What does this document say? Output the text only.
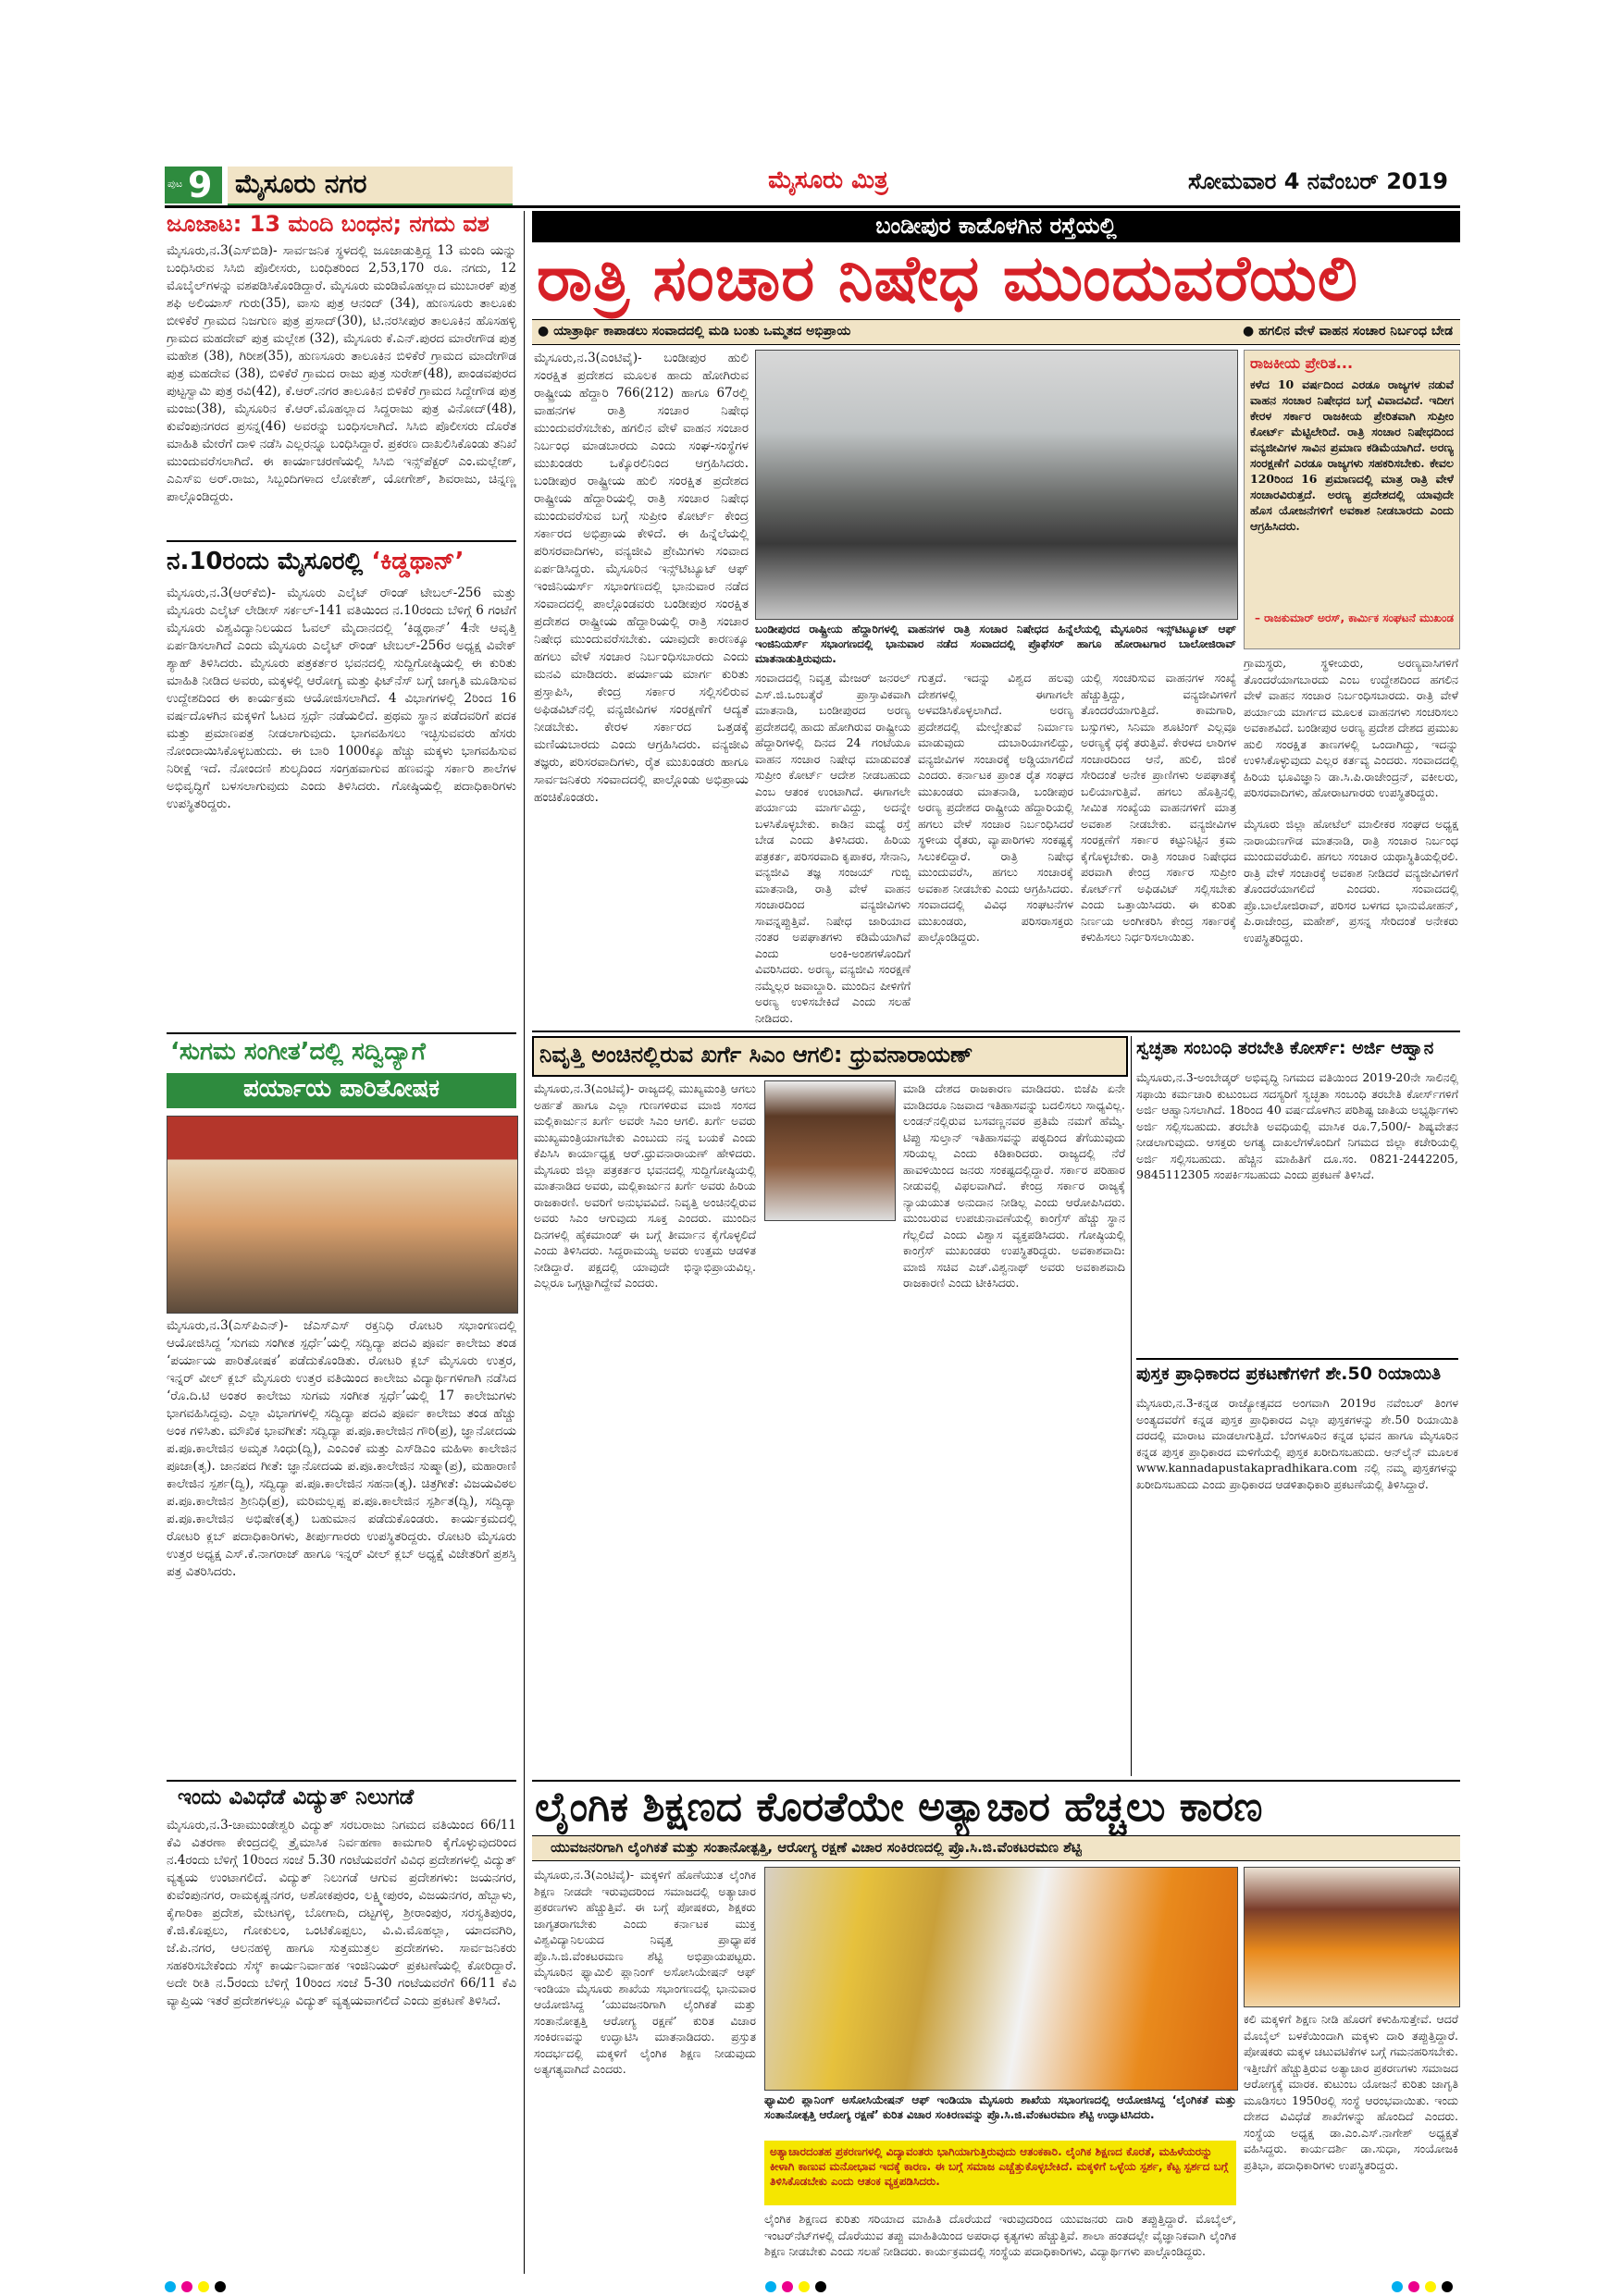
ಪುಟ 9 ಮೈಸೂರು ನಗರ	ಮೈಸೂರು ಮಿತ್ರ	ಸೋಮವಾರ 4 ನವೆಂಬರ್ 2019
ಜೂಜಾಟ: 13 ಮಂದಿ ಬಂಧನ; ನಗದು ವಶ
ಮೈಸೂರು,ನ.3(ಎಸ್‌ಬಿಡಿ)- ಸಾರ್ವಜನಿಕ ಸ್ಥಳದಲ್ಲಿ ಜೂಜಾಡುತ್ತಿದ್ದ 13 ಮಂದಿ ಯನ್ನು ಬಂಧಿಸಿರುವ ಸಿಸಿಬಿ ಪೊಲೀಸರು, ಬಂಧಿತರಿಂದ 2,53,170 ರೂ. ನಗದು, 12 ಮೊಬೈಲ್‌ಗಳನ್ನು ವಶಪಡಿಸಿಕೊಂಡಿದ್ದಾರೆ. ಮೈಸೂರು ಮಂಡಿಮೊಹಲ್ಲಾದ ಮುಬಾರಕ್ ಪುತ್ರ ಶಫಿ ಅಲಿಯಾಸ್ ಗುರು(35), ವಾಸು ಪುತ್ರ ಆನಂದ್ (34), ಹುಣಸೂರು ತಾಲೂಕು ಬೀಳಿಕೆರೆ ಗ್ರಾಮದ ನಿಜಗುಣ ಪುತ್ರ ಪ್ರಸಾದ್(30), ಟಿ.ನರಸೀಪುರ ತಾಲೂಕಿನ ಹೊಸಹಳ್ಳಿ ಗ್ರಾಮದ ಮಹದೇವ್ ಪುತ್ರ ಮಲ್ಲೇಶ (32), ಮೈಸೂರು ಕೆ.ಎನ್.ಪುರದ ಮಾರೇಗೌಡ ಪುತ್ರ ಮಹೇಶ (38), ಗಿರೀಶ(35), ಹುಣಸೂರು ತಾಲೂಕಿನ ಬಿಳಿಕೆರೆ ಗ್ರಾಮದ ಮಾದೇಗೌಡ ಪುತ್ರ ಮಹದೇವ (38), ಬಿಳಿಕೆರೆ ಗ್ರಾಮದ ರಾಜು ಪುತ್ರ ಸುರೇಶ್(48), ಪಾಂಡವಪುರದ ಪುಟ್ಟಸ್ವಾಮಿ ಪುತ್ರ ರವಿ(42), ಕೆ.ಆರ್.ನಗರ ತಾಲೂಕಿನ ಬಿಳಿಕೆರೆ ಗ್ರಾಮದ ಸಿದ್ದೇಗೌಡ ಪುತ್ರ ಮಂಜು(38), ಮೈಸೂರಿನ ಕೆ.ಆರ್.ಮೊಹಲ್ಲಾದ ಸಿದ್ದರಾಜು ಪುತ್ರ ವಿನೋದ್(48), ಕುವೆಂಪುನಗರದ ಪ್ರಸನ್ನ(46) ಅವರನ್ನು ಬಂಧಿಸಲಾಗಿದೆ. ಸಿಸಿಬಿ ಪೊಲೀಸರು ದೊರೆತ ಮಾಹಿತಿ ಮೇರೆಗೆ ದಾಳಿ ನಡೆಸಿ ಎಲ್ಲರನ್ನೂ ಬಂಧಿಸಿದ್ದಾರೆ. ಪ್ರಕರಣ ದಾಖಲಿಸಿಕೊಂಡು ತನಿಖೆ ಮುಂದುವರೆಸಲಾಗಿದೆ. ಈ ಕಾರ್ಯಾಚರಣೆಯಲ್ಲಿ ಸಿಸಿಬಿ ಇನ್ಸ್‌ಪೆಕ್ಟರ್ ಎಂ.ಮಲ್ಲೇಶ್, ಎಎಸ್ಐ ಅರ್.ರಾಜು, ಸಿಬ್ಬಂದಿಗಳಾದ ಲೋಕೇಶ್, ಯೋಗೇಶ್, ಶಿವರಾಜು, ಚಿನ್ನಣ್ಣ ಪಾಲ್ಗೊಂಡಿದ್ದರು.
ನ.10ರಂದು ಮೈಸೂರಲ್ಲಿ ‘ಕಿಡ್ಡಥಾನ್’
ಮೈಸೂರು,ನ.3(ಆರ್‌ಕೆಬಿ)- ಮೈಸೂರು ಎಲೈಟ್ ರೌಂಡ್ ಟೇಬಲ್-256 ಮತ್ತು ಮೈಸೂರು ಎಲೈಟ್ ಲೇಡೀಸ್ ಸರ್ಕಲ್-141 ವತಿಯಿಂದ ನ.10ರಂದು ಬೆಳಿಗ್ಗೆ 6 ಗಂಟೆಗೆ ಮೈಸೂರು ವಿಶ್ವವಿದ್ಯಾನಿಲಯದ ಓವಲ್ ಮೈದಾನದಲ್ಲಿ ‘ಕಿಡ್ಡಥಾನ್’ 4ನೇ ಆವೃತ್ತಿ ಏರ್ಪಡಿಸಲಾಗಿದೆ ಎಂದು ಮೈಸೂರು ಎಲೈಟ್ ರೌಂಡ್ ಟೇಬಲ್-256ರ ಅಧ್ಯಕ್ಷ ವಿವೇಕ್ ಶ್ಯಾಹ್ ತಿಳಿಸಿದರು. ಮೈಸೂರು ಪತ್ರಕರ್ತರ ಭವನದಲ್ಲಿ ಸುದ್ದಿಗೋಷ್ಠಿಯಲ್ಲಿ ಈ ಕುರಿತು ಮಾಹಿತಿ ನೀಡಿದ ಅವರು, ಮಕ್ಕಳಲ್ಲಿ ಆರೋಗ್ಯ ಮತ್ತು ಫಿಟ್‌ನೆಸ್ ಬಗ್ಗೆ ಜಾಗೃತಿ ಮೂಡಿಸುವ ಉದ್ದೇಶದಿಂದ ಈ ಕಾರ್ಯಕ್ರಮ ಆಯೋಜಿಸಲಾಗಿದೆ. 4 ವಿಭಾಗಗಳಲ್ಲಿ 2ರಿಂದ 16 ವರ್ಷದೊಳಗಿನ ಮಕ್ಕಳಿಗೆ ಓಟದ ಸ್ಪರ್ಧೆ ನಡೆಯಲಿದೆ. ಪ್ರಥಮ ಸ್ಥಾನ ಪಡೆದವರಿಗೆ ಪದಕ ಮತ್ತು ಪ್ರಮಾಣಪತ್ರ ನೀಡಲಾಗುವುದು. ಭಾಗವಹಿಸಲು ಇಚ್ಛಿಸುವವರು ಹೆಸರು ನೋಂದಾಯಿಸಿಕೊಳ್ಳಬಹುದು. ಈ ಬಾರಿ 1000ಕ್ಕೂ ಹೆಚ್ಚು ಮಕ್ಕಳು ಭಾಗವಹಿಸುವ ನಿರೀಕ್ಷೆ ಇದೆ. ನೋಂದಣಿ ಶುಲ್ಕದಿಂದ ಸಂಗ್ರಹವಾಗುವ ಹಣವನ್ನು ಸರ್ಕಾರಿ ಶಾಲೆಗಳ ಅಭಿವೃದ್ಧಿಗೆ ಬಳಸಲಾಗುವುದು ಎಂದು ತಿಳಿಸಿದರು. ಗೋಷ್ಠಿಯಲ್ಲಿ ಪದಾಧಿಕಾರಿಗಳು ಉಪಸ್ಥಿತರಿದ್ದರು.
‘ಸುಗಮ ಸಂಗೀತ’ದಲ್ಲಿ ಸದ್ವಿದ್ಯಾಗೆ
ಪರ್ಯಾಯ ಪಾರಿತೋಷಕ
ಮೈಸೂರು,ನ.3(ಎಸ್‌ಪಿಎನ್)- ಜೆಎಸ್‌ಎಸ್ ರಕ್ತನಿಧಿ ರೋಟರಿ ಸಭಾಂಗಣದಲ್ಲಿ ಆಯೋಜಿಸಿದ್ದ ‘ಸುಗಮ ಸಂಗೀತ ಸ್ಪರ್ಧೆ’ಯಲ್ಲಿ ಸದ್ವಿದ್ಯಾ ಪದವಿ ಪೂರ್ವ ಕಾಲೇಜು ತಂಡ ‘ಪರ್ಯಾಯ ಪಾರಿತೋಷಕ’ ಪಡೆದುಕೊಂಡಿತು. ರೋಟರಿ ಕ್ಲಬ್ ಮೈಸೂರು ಉತ್ತರ, ಇನ್ನರ್ ವೀಲ್ ಕ್ಲಬ್ ಮೈಸೂರು ಉತ್ತರ ವತಿಯಿಂದ ಕಾಲೇಜು ವಿದ್ಯಾರ್ಥಿಗಳಿಗಾಗಿ ನಡೆಸಿದ ‘ರೊ.ದಿ.ಟಿ ಅಂತರ ಕಾಲೇಜು ಸುಗಮ ಸಂಗೀತ ಸ್ಪರ್ಧೆ’ಯಲ್ಲಿ 17 ಕಾಲೇಜುಗಳು ಭಾಗವಹಿಸಿದ್ದವು. ಎಲ್ಲಾ ವಿಭಾಗಗಳಲ್ಲಿ ಸದ್ವಿದ್ಯಾ ಪದವಿ ಪೂರ್ವ ಕಾಲೇಜು ತಂಡ ಹೆಚ್ಚು ಅಂಕ ಗಳಿಸಿತು. ಮೌಖಿಕ ಭಾವಗೀತೆ: ಸದ್ವಿದ್ಯಾ ಪ.ಪೂ.ಕಾಲೇಜಿನ ಗೌರಿ(ಪ್ರ), ಜ್ಞಾನೋದಯ ಪ.ಪೂ.ಕಾಲೇಜಿನ ಅಮೃತ ಸಿಂಧು(ದ್ವಿ), ಎಂಎಂಕೆ ಮತ್ತು ಎಸ್‌ಡಿಎಂ ಮಹಿಳಾ ಕಾಲೇಜಿನ ಪೂಜಾ(ತೃ). ಜಾನಪದ ಗೀತೆ: ಜ್ಞಾನೋದಯ ಪ.ಪೂ.ಕಾಲೇಜಿನ ಸುಷ್ಮಾ(ಪ್ರ), ಮಹಾರಾಣಿ ಕಾಲೇಜಿನ ಸ್ಪರ್ಶ(ದ್ವಿ), ಸದ್ವಿದ್ಯಾ ಪ.ಪೂ.ಕಾಲೇಜಿನ ಸಹನಾ(ತೃ). ಚಿತ್ರಗೀತೆ: ವಿಜಯವಿಠಲ ಪ.ಪೂ.ಕಾಲೇಜಿನ ಶ್ರೀನಿಧಿ(ಪ್ರ), ಮರಿಮಲ್ಲಪ್ಪ ಪ.ಪೂ.ಕಾಲೇಜಿನ ಸ್ಪರ್ಶಿತ(ದ್ವಿ), ಸದ್ವಿದ್ಯಾ ಪ.ಪೂ.ಕಾಲೇಜಿನ ಅಭಿಷೇಕ(ತೃ) ಬಹುಮಾನ ಪಡೆದುಕೊಂಡರು. ಕಾರ್ಯಕ್ರಮದಲ್ಲಿ ರೋಟರಿ ಕ್ಲಬ್ ಪದಾಧಿಕಾರಿಗಳು, ತೀರ್ಪುಗಾರರು ಉಪಸ್ಥಿತರಿದ್ದರು. ರೋಟರಿ ಮೈಸೂರು ಉತ್ತರ ಅಧ್ಯಕ್ಷ ಎಸ್.ಕೆ.ನಾಗರಾಜ್ ಹಾಗೂ ಇನ್ನರ್ ವೀಲ್ ಕ್ಲಬ್ ಅಧ್ಯಕ್ಷೆ ವಿಜೇತರಿಗೆ ಪ್ರಶಸ್ತಿ ಪತ್ರ ವಿತರಿಸಿದರು.
ಇಂದು ವಿವಿಧೆಡೆ ವಿದ್ಯುತ್ ನಿಲುಗಡೆ
ಮೈಸೂರು,ನ.3-ಚಾಮುಂಡೇಶ್ವರಿ ವಿದ್ಯುತ್ ಸರಬರಾಜು ನಿಗಮದ ವತಿಯಿಂದ 66/11 ಕೆವಿ ವಿತರಣಾ ಕೇಂದ್ರದಲ್ಲಿ ತ್ರೈಮಾಸಿಕ ನಿರ್ವಹಣಾ ಕಾಮಗಾರಿ ಕೈಗೊಳ್ಳುವುದರಿಂದ ನ.4ರಂದು ಬೆಳಿಗ್ಗೆ 10ರಿಂದ ಸಂಜೆ 5.30 ಗಂಟೆಯವರೆಗೆ ವಿವಿಧ ಪ್ರದೇಶಗಳಲ್ಲಿ ವಿದ್ಯುತ್ ವ್ಯತ್ಯಯ ಉಂಟಾಗಲಿದೆ. ವಿದ್ಯುತ್ ನಿಲುಗಡೆ ಆಗುವ ಪ್ರದೇಶಗಳು: ಜಯನಗರ, ಕುವೆಂಪುನಗರ, ರಾಮಕೃಷ್ಣನಗರ, ಅಶೋಕಪುರಂ, ಲಕ್ಷ್ಮೀಪುರಂ, ವಿಜಯನಗರ, ಹೆಬ್ಬಾಳು, ಕೈಗಾರಿಕಾ ಪ್ರದೇಶ, ಮೇಟಗಳ್ಳಿ, ಬೋಗಾದಿ, ದಟ್ಟಗಳ್ಳಿ, ಶ್ರೀರಾಂಪುರ, ಸರಸ್ವತಿಪುರಂ, ಕೆ.ಜಿ.ಕೊಪ್ಪಲು, ಗೋಕುಲಂ, ಒಂಟಿಕೊಪ್ಪಲು, ವಿ.ವಿ.ಮೊಹಲ್ಲಾ, ಯಾದವಗಿರಿ, ಜೆ.ಪಿ.ನಗರ, ಆಲನಹಳ್ಳಿ ಹಾಗೂ ಸುತ್ತಮುತ್ತಲ ಪ್ರದೇಶಗಳು. ಸಾರ್ವಜನಿಕರು ಸಹಕರಿಸಬೇಕೆಂದು ಸೆಸ್ಕ್ ಕಾರ್ಯನಿರ್ವಾಹಕ ಇಂಜಿನಿಯರ್ ಪ್ರಕಟಣೆಯಲ್ಲಿ ಕೋರಿದ್ದಾರೆ. ಅದೇ ರೀತಿ ನ.5ರಂದು ಬೆಳಿಗ್ಗೆ 10ರಿಂದ ಸಂಜೆ 5-30 ಗಂಟೆಯವರೆಗೆ 66/11 ಕೆವಿ ವ್ಯಾಪ್ತಿಯ ಇತರೆ ಪ್ರದೇಶಗಳಲ್ಲೂ ವಿದ್ಯುತ್ ವ್ಯತ್ಯಯವಾಗಲಿದೆ ಎಂದು ಪ್ರಕಟಣೆ ತಿಳಿಸಿದೆ.
ಬಂಡೀಪುರ ಕಾಡೊಳಗಿನ ರಸ್ತೆಯಲ್ಲಿ
ರಾತ್ರಿ ಸಂಚಾರ ನಿಷೇಧ ಮುಂದುವರೆಯಲಿ
● ಯಾತ್ರಾರ್ಥಿ ಕಾಪಾಡಲು ಸಂವಾದದಲ್ಲಿ ಮಡಿ ಬಂತು ಒಮ್ಮತದ ಅಭಿಪ್ರಾಯ	● ಹಗಲಿನ ವೇಳೆ ವಾಹನ ಸಂಚಾರ ನಿರ್ಬಂಧ ಬೇಡ
ಮೈಸೂರು,ನ.3(ಎಂಟಿವೈ)- ಬಂಡೀಪುರ ಹುಲಿ ಸಂರಕ್ಷಿತ ಪ್ರದೇಶದ ಮೂಲಕ ಹಾದು ಹೋಗಿರುವ ರಾಷ್ಟ್ರೀಯ ಹೆದ್ದಾರಿ 766(212) ಹಾಗೂ 67ರಲ್ಲಿ ವಾಹನಗಳ ರಾತ್ರಿ ಸಂಚಾರ ನಿಷೇಧ ಮುಂದುವರೆಸಬೇಕು, ಹಗಲಿನ ವೇಳೆ ವಾಹನ ಸಂಚಾರ ನಿರ್ಬಂಧ ಮಾಡಬಾರದು ಎಂದು ಸಂಘ-ಸಂಸ್ಥೆಗಳ ಮುಖಂಡರು ಒಕ್ಕೊರಲಿನಿಂದ ಆಗ್ರಹಿಸಿದರು. ಬಂಡೀಪುರ ರಾಷ್ಟ್ರೀಯ ಹುಲಿ ಸಂರಕ್ಷಿತ ಪ್ರದೇಶದ ರಾಷ್ಟ್ರೀಯ ಹೆದ್ದಾರಿಯಲ್ಲಿ ರಾತ್ರಿ ಸಂಚಾರ ನಿಷೇಧ ಮುಂದುವರೆಸುವ ಬಗ್ಗೆ ಸುಪ್ರೀಂ ಕೋರ್ಟ್ ಕೇಂದ್ರ ಸರ್ಕಾರದ ಅಭಿಪ್ರಾಯ ಕೇಳಿದೆ. ಈ ಹಿನ್ನೆಲೆಯಲ್ಲಿ ಪರಿಸರವಾದಿಗಳು, ವನ್ಯಜೀವಿ ಪ್ರೇಮಿಗಳು ಸಂವಾದ ಏರ್ಪಡಿಸಿದ್ದರು. ಮೈಸೂರಿನ ಇನ್ಸ್‌ಟಿಟ್ಯೂಟ್ ಆಫ್ ಇಂಜಿನಿಯರ್ಸ್ ಸಭಾಂಗಣದಲ್ಲಿ ಭಾನುವಾರ ನಡೆದ ಸಂವಾದದಲ್ಲಿ ಪಾಲ್ಗೊಂಡವರು ಬಂಡೀಪುರ ಸಂರಕ್ಷಿತ ಪ್ರದೇಶದ ರಾಷ್ಟ್ರೀಯ ಹೆದ್ದಾರಿಯಲ್ಲಿ ರಾತ್ರಿ ಸಂಚಾರ ನಿಷೇಧ ಮುಂದುವರೆಸಬೇಕು. ಯಾವುದೇ ಕಾರಣಕ್ಕೂ ಹಗಲು ವೇಳೆ ಸಂಚಾರ ನಿರ್ಬಂಧಿಸಬಾರದು ಎಂದು ಮನವಿ ಮಾಡಿದರು. ಪರ್ಯಾಯ ಮಾರ್ಗ ಕುರಿತು ಪ್ರಸ್ತಾಪಿಸಿ, ಕೇಂದ್ರ ಸರ್ಕಾರ ಸಲ್ಲಿಸಲಿರುವ ಅಫಿಡವಿಟ್‌ನಲ್ಲಿ ವನ್ಯಜೀವಿಗಳ ಸಂರಕ್ಷಣೆಗೆ ಆದ್ಯತೆ ನೀಡಬೇಕು. ಕೇರಳ ಸರ್ಕಾರದ ಒತ್ತಡಕ್ಕೆ ಮಣಿಯಬಾರದು ಎಂದು ಆಗ್ರಹಿಸಿದರು. ವನ್ಯಜೀವಿ ತಜ್ಞರು, ಪರಿಸರವಾದಿಗಳು, ರೈತ ಮುಖಂಡರು ಹಾಗೂ ಸಾರ್ವಜನಿಕರು ಸಂವಾದದಲ್ಲಿ ಪಾಲ್ಗೊಂಡು ಅಭಿಪ್ರಾಯ ಹಂಚಿಕೊಂಡರು.
ಬಂಡೀಪುರದ ರಾಷ್ಟ್ರೀಯ ಹೆದ್ದಾರಿಗಳಲ್ಲಿ ವಾಹನಗಳ ರಾತ್ರಿ ಸಂಚಾರ ನಿಷೇಧದ ಹಿನ್ನೆಲೆಯಲ್ಲಿ ಮೈಸೂರಿನ ಇನ್ಸ್‌ಟಿಟ್ಯೂಟ್ ಆಫ್ ಇಂಜಿನಿಯರ್ಸ್ ಸಭಾಂಗಣದಲ್ಲಿ ಭಾನುವಾರ ನಡೆದ ಸಂವಾದದಲ್ಲಿ ಪ್ರೊಫೆಸರ್ ಹಾಗೂ ಹೋರಾಟಗಾರ ಬಾಲೋಜಿರಾವ್ ಮಾತನಾಡುತ್ತಿರುವುದು.
ಸಂವಾದದಲ್ಲಿ ನಿವೃತ್ತ ಮೇಜರ್ ಜನರಲ್ ಎಸ್.ಜಿ.ಒಂಬತ್ಕೆರೆ ಪ್ರಾಸ್ತಾವಿಕವಾಗಿ ಮಾತನಾಡಿ, ಬಂಡೀಪುರದ ಅರಣ್ಯ ಪ್ರದೇಶದಲ್ಲಿ ಹಾದು ಹೋಗಿರುವ ರಾಷ್ಟ್ರೀಯ ಹೆದ್ದಾರಿಗಳಲ್ಲಿ ದಿನದ 24 ಗಂಟೆಯೂ ವಾಹನ ಸಂಚಾರ ನಿಷೇಧ ಮಾಡುವಂತೆ ಸುಪ್ರೀಂ ಕೋರ್ಟ್ ಆದೇಶ ನೀಡಬಹುದು ಎಂಬ ಆತಂಕ ಉಂಟಾಗಿದೆ. ಈಗಾಗಲೇ ಪರ್ಯಾಯ ಮಾರ್ಗವಿದ್ದು, ಅದನ್ನೇ ಬಳಸಿಕೊಳ್ಳಬೇಕು. ಕಾಡಿನ ಮಧ್ಯೆ ರಸ್ತೆ ಬೇಡ ಎಂದು ತಿಳಿಸಿದರು. ಹಿರಿಯ ಪತ್ರಕರ್ತ, ಪರಿಸರವಾದಿ ಕೃಪಾಕರ, ಸೇನಾನಿ, ವನ್ಯಜೀವಿ ತಜ್ಞ ಸಂಜಯ್ ಗುಬ್ಬಿ ಮಾತನಾಡಿ, ರಾತ್ರಿ ವೇಳೆ ವಾಹನ ಸಂಚಾರದಿಂದ ವನ್ಯಜೀವಿಗಳು ಸಾವನ್ನಪ್ಪುತ್ತಿವೆ. ನಿಷೇಧ ಜಾರಿಯಾದ ನಂತರ ಅಪಘಾತಗಳು ಕಡಿಮೆಯಾಗಿವೆ ಎಂದು ಅಂಕಿ-ಅಂಶಗಳೊಂದಿಗೆ ವಿವರಿಸಿದರು. ಅರಣ್ಯ, ವನ್ಯಜೀವಿ ಸಂರಕ್ಷಣೆ ನಮ್ಮೆಲ್ಲರ ಜವಾಬ್ದಾರಿ. ಮುಂದಿನ ಪೀಳಿಗೆಗೆ ಅರಣ್ಯ ಉಳಿಸಬೇಕಿದೆ ಎಂದು ಸಲಹೆ ನೀಡಿದರು.
ಗುತ್ತದೆ. ಇದನ್ನು ವಿಶ್ವದ ಹಲವು ದೇಶಗಳಲ್ಲಿ ಈಗಾಗಲೇ ಅಳವಡಿಸಿಕೊಳ್ಳಲಾಗಿದೆ. ಅರಣ್ಯ ಪ್ರದೇಶದಲ್ಲಿ ಮೇಲ್ಸೇತುವೆ ನಿರ್ಮಾಣ ಮಾಡುವುದು ದುಬಾರಿಯಾಗಲಿದ್ದು, ವನ್ಯಜೀವಿಗಳ ಸಂಚಾರಕ್ಕೆ ಅಡ್ಡಿಯಾಗಲಿದೆ ಎಂದರು. ಕರ್ನಾಟಕ ಪ್ರಾಂತ ರೈತ ಸಂಘದ ಮುಖಂಡರು ಮಾತನಾಡಿ, ಬಂಡೀಪುರ ಅರಣ್ಯ ಪ್ರದೇಶದ ರಾಷ್ಟ್ರೀಯ ಹೆದ್ದಾರಿಯಲ್ಲಿ ಹಗಲು ವೇಳೆ ಸಂಚಾರ ನಿರ್ಬಂಧಿಸಿದರೆ ಸ್ಥಳೀಯ ರೈತರು, ವ್ಯಾಪಾರಿಗಳು ಸಂಕಷ್ಟಕ್ಕೆ ಸಿಲುಕಲಿದ್ದಾರೆ. ರಾತ್ರಿ ನಿಷೇಧ ಮುಂದುವರೆಸಿ, ಹಗಲು ಸಂಚಾರಕ್ಕೆ ಅವಕಾಶ ನೀಡಬೇಕು ಎಂದು ಆಗ್ರಹಿಸಿದರು. ಸಂವಾದದಲ್ಲಿ ವಿವಿಧ ಸಂಘಟನೆಗಳ ಮುಖಂಡರು, ಪರಿಸರಾಸಕ್ತರು ಪಾಲ್ಗೊಂಡಿದ್ದರು.
ಯಲ್ಲಿ ಸಂಚರಿಸುವ ವಾಹನಗಳ ಸಂಖ್ಯೆ ಹೆಚ್ಚುತ್ತಿದ್ದು, ವನ್ಯಜೀವಿಗಳಿಗೆ ತೊಂದರೆಯಾಗುತ್ತಿದೆ. ಕಾಮಗಾರಿ, ಬಸ್ಸುಗಳು, ಸಿನಿಮಾ ಶೂಟಿಂಗ್ ಎಲ್ಲವೂ ಅರಣ್ಯಕ್ಕೆ ಧಕ್ಕೆ ತರುತ್ತಿವೆ. ಕೇರಳದ ಲಾರಿಗಳ ಸಂಚಾರದಿಂದ ಆನೆ, ಹುಲಿ, ಜಿಂಕೆ ಸೇರಿದಂತೆ ಅನೇಕ ಪ್ರಾಣಿಗಳು ಅಪಘಾತಕ್ಕೆ ಬಲಿಯಾಗುತ್ತಿವೆ. ಹಗಲು ಹೊತ್ತಿನಲ್ಲಿ ಸೀಮಿತ ಸಂಖ್ಯೆಯ ವಾಹನಗಳಿಗೆ ಮಾತ್ರ ಅವಕಾಶ ನೀಡಬೇಕು. ವನ್ಯಜೀವಿಗಳ ಸಂರಕ್ಷಣೆಗೆ ಸರ್ಕಾರ ಕಟ್ಟುನಿಟ್ಟಿನ ಕ್ರಮ ಕೈಗೊಳ್ಳಬೇಕು. ರಾತ್ರಿ ಸಂಚಾರ ನಿಷೇಧದ ಪರವಾಗಿ ಕೇಂದ್ರ ಸರ್ಕಾರ ಸುಪ್ರೀಂ ಕೋರ್ಟ್‌ಗೆ ಅಫಿಡವಿಟ್ ಸಲ್ಲಿಸಬೇಕು ಎಂದು ಒತ್ತಾಯಿಸಿದರು. ಈ ಕುರಿತು ನಿರ್ಣಯ ಅಂಗೀಕರಿಸಿ ಕೇಂದ್ರ ಸರ್ಕಾರಕ್ಕೆ ಕಳುಹಿಸಲು ನಿರ್ಧರಿಸಲಾಯಿತು.
ರಾಜಕೀಯ ಪ್ರೇರಿತ...
ಕಳೆದ 10 ವರ್ಷದಿಂದ ಎರಡೂ ರಾಜ್ಯಗಳ ನಡುವೆ ವಾಹನ ಸಂಚಾರ ನಿಷೇಧದ ಬಗ್ಗೆ ವಿವಾದವಿದೆ. ಇದೀಗ ಕೇರಳ ಸರ್ಕಾರ ರಾಜಕೀಯ ಪ್ರೇರಿತವಾಗಿ ಸುಪ್ರೀಂ ಕೋರ್ಟ್ ಮೆಟ್ಟಿಲೇರಿದೆ. ರಾತ್ರಿ ಸಂಚಾರ ನಿಷೇಧದಿಂದ ವನ್ಯಜೀವಿಗಳ ಸಾವಿನ ಪ್ರಮಾಣ ಕಡಿಮೆಯಾಗಿದೆ. ಅರಣ್ಯ ಸಂರಕ್ಷಣೆಗೆ ಎರಡೂ ರಾಜ್ಯಗಳು ಸಹಕರಿಸಬೇಕು. ಕೇವಲ 120ರಿಂದ 16 ಪ್ರಮಾಣದಲ್ಲಿ ಮಾತ್ರ ರಾತ್ರಿ ವೇಳೆ ಸಂಚಾರವಿರುತ್ತದೆ. ಅರಣ್ಯ ಪ್ರದೇಶದಲ್ಲಿ ಯಾವುದೇ ಹೊಸ ಯೋಜನೆಗಳಿಗೆ ಅವಕಾಶ ನೀಡಬಾರದು ಎಂದು ಆಗ್ರಹಿಸಿದರು.
– ರಾಜಕುಮಾರ್ ಅರಸ್, ಕಾರ್ಮಿಕ ಸಂಘಟನೆ ಮುಖಂಡ
ಗ್ರಾಮಸ್ಥರು, ಸ್ಥಳೀಯರು, ಅರಣ್ಯವಾಸಿಗಳಿಗೆ ತೊಂದರೆಯಾಗಬಾರದು ಎಂಬ ಉದ್ದೇಶದಿಂದ ಹಗಲಿನ ವೇಳೆ ವಾಹನ ಸಂಚಾರ ನಿರ್ಬಂಧಿಸಬಾರದು. ರಾತ್ರಿ ವೇಳೆ ಪರ್ಯಾಯ ಮಾರ್ಗದ ಮೂಲಕ ವಾಹನಗಳು ಸಂಚರಿಸಲು ಅವಕಾಶವಿದೆ. ಬಂಡೀಪುರ ಅರಣ್ಯ ಪ್ರದೇಶ ದೇಶದ ಪ್ರಮುಖ ಹುಲಿ ಸಂರಕ್ಷಿತ ತಾಣಗಳಲ್ಲಿ ಒಂದಾಗಿದ್ದು, ಇದನ್ನು ಉಳಿಸಿಕೊಳ್ಳುವುದು ಎಲ್ಲರ ಕರ್ತವ್ಯ ಎಂದರು. ಸಂವಾದದಲ್ಲಿ ಹಿರಿಯ ಭೂವಿಜ್ಞಾನಿ ಡಾ.ಸಿ.ಪಿ.ರಾಜೇಂದ್ರನ್, ವಕೀಲರು, ಪರಿಸರವಾದಿಗಳು, ಹೋರಾಟಗಾರರು ಉಪಸ್ಥಿತರಿದ್ದರು.
ಮೈಸೂರು ಜಿಲ್ಲಾ ಹೋಟೆಲ್ ಮಾಲೀಕರ ಸಂಘದ ಅಧ್ಯಕ್ಷ ನಾರಾಯಣಗೌಡ ಮಾತನಾಡಿ, ರಾತ್ರಿ ಸಂಚಾರ ನಿರ್ಬಂಧ ಮುಂದುವರೆಯಲಿ. ಹಗಲು ಸಂಚಾರ ಯಥಾಸ್ಥಿತಿಯಲ್ಲಿರಲಿ. ರಾತ್ರಿ ವೇಳೆ ಸಂಚಾರಕ್ಕೆ ಅವಕಾಶ ನೀಡಿದರೆ ವನ್ಯಜೀವಿಗಳಿಗೆ ತೊಂದರೆಯಾಗಲಿದೆ ಎಂದರು. ಸಂವಾದದಲ್ಲಿ ಪ್ರೊ.ಬಾಲೋಜಿರಾವ್, ಪರಿಸರ ಬಳಗದ ಭಾನುಮೋಹನ್, ಪಿ.ರಾಜೇಂದ್ರ, ಮಹೇಶ್, ಪ್ರಸನ್ನ ಸೇರಿದಂತೆ ಅನೇಕರು ಉಪಸ್ಥಿತರಿದ್ದರು.
ನಿವೃತ್ತಿ ಅಂಚಿನಲ್ಲಿರುವ ಖರ್ಗೆ ಸಿಎಂ ಆಗಲಿ: ಧ್ರುವನಾರಾಯಣ್
ಮೈಸೂರು,ನ.3(ಎಂಟಿವೈ)- ರಾಜ್ಯದಲ್ಲಿ ಮುಖ್ಯಮಂತ್ರಿ ಆಗಲು ಅರ್ಹತೆ ಹಾಗೂ ಎಲ್ಲಾ ಗುಣಗಳಿರುವ ಮಾಜಿ ಸಂಸದ ಮಲ್ಲಿಕಾರ್ಜುನ ಖರ್ಗೆ ಅವರೇ ಸಿಎಂ ಆಗಲಿ. ಖರ್ಗೆ ಅವರು ಮುಖ್ಯಮಂತ್ರಿಯಾಗಬೇಕು ಎಂಬುದು ನನ್ನ ಬಯಕೆ ಎಂದು ಕೆಪಿಸಿಸಿ ಕಾರ್ಯಾಧ್ಯಕ್ಷ ಆರ್.ಧ್ರುವನಾರಾಯಣ್ ಹೇಳಿದರು. ಮೈಸೂರು ಜಿಲ್ಲಾ ಪತ್ರಕರ್ತರ ಭವನದಲ್ಲಿ ಸುದ್ದಿಗೋಷ್ಠಿಯಲ್ಲಿ ಮಾತನಾಡಿದ ಅವರು, ಮಲ್ಲಿಕಾರ್ಜುನ ಖರ್ಗೆ ಅವರು ಹಿರಿಯ ರಾಜಕಾರಣಿ. ಅವರಿಗೆ ಅನುಭವವಿದೆ. ನಿವೃತ್ತಿ ಅಂಚಿನಲ್ಲಿರುವ ಅವರು ಸಿಎಂ ಆಗುವುದು ಸೂಕ್ತ ಎಂದರು. ಮುಂದಿನ ದಿನಗಳಲ್ಲಿ ಹೈಕಮಾಂಡ್ ಈ ಬಗ್ಗೆ ತೀರ್ಮಾನ ಕೈಗೊಳ್ಳಲಿದೆ ಎಂದು ತಿಳಿಸಿದರು. ಸಿದ್ದರಾಮಯ್ಯ ಅವರು ಉತ್ತಮ ಆಡಳಿತ ನೀಡಿದ್ದಾರೆ. ಪಕ್ಷದಲ್ಲಿ ಯಾವುದೇ ಭಿನ್ನಾಭಿಪ್ರಾಯವಿಲ್ಲ. ಎಲ್ಲರೂ ಒಗ್ಗಟ್ಟಾಗಿದ್ದೇವೆ ಎಂದರು.
ಮಾಡಿ ದೇಶದ ರಾಜಕಾರಣ ಮಾಡಿದರು. ಬಿಜೆಪಿ ಏನೇ ಮಾಡಿದರೂ ನಿಜವಾದ ಇತಿಹಾಸವನ್ನು ಬದಲಿಸಲು ಸಾಧ್ಯವಿಲ್ಲ. ಲಂಡನ್‌ನಲ್ಲಿರುವ ಬಸವಣ್ಣನವರ ಪ್ರತಿಮೆ ನಮಗೆ ಹೆಮ್ಮೆ. ಟಿಪ್ಪು ಸುಲ್ತಾನ್ ಇತಿಹಾಸವನ್ನು ಪಠ್ಯದಿಂದ ತೆಗೆಯುವುದು ಸರಿಯಲ್ಲ ಎಂದು ಕಿಡಿಕಾರಿದರು. ರಾಜ್ಯದಲ್ಲಿ ನೆರೆ ಹಾವಳಿಯಿಂದ ಜನರು ಸಂಕಷ್ಟದಲ್ಲಿದ್ದಾರೆ. ಸರ್ಕಾರ ಪರಿಹಾರ ನೀಡುವಲ್ಲಿ ವಿಫಲವಾಗಿದೆ. ಕೇಂದ್ರ ಸರ್ಕಾರ ರಾಜ್ಯಕ್ಕೆ ನ್ಯಾಯಯುತ ಅನುದಾನ ನೀಡಿಲ್ಲ ಎಂದು ಆರೋಪಿಸಿದರು. ಮುಂಬರುವ ಉಪಚುನಾವಣೆಯಲ್ಲಿ ಕಾಂಗ್ರೆಸ್ ಹೆಚ್ಚು ಸ್ಥಾನ ಗೆಲ್ಲಲಿದೆ ಎಂದು ವಿಶ್ವಾಸ ವ್ಯಕ್ತಪಡಿಸಿದರು. ಗೋಷ್ಠಿಯಲ್ಲಿ ಕಾಂಗ್ರೆಸ್ ಮುಖಂಡರು ಉಪಸ್ಥಿತರಿದ್ದರು. ಅವಕಾಶವಾದಿ: ಮಾಜಿ ಸಚಿವ ಎಚ್.ವಿಶ್ವನಾಥ್ ಅವರು ಅವಕಾಶವಾದಿ ರಾಜಕಾರಣಿ ಎಂದು ಟೀಕಿಸಿದರು.
ಸ್ವಚ್ಛತಾ ಸಂಬಂಧಿ ತರಬೇತಿ ಕೋರ್ಸ್: ಅರ್ಜಿ ಆಹ್ವಾನ
ಮೈಸೂರು,ನ.3-ಅಂಬೇಡ್ಕರ್ ಅಭಿವೃದ್ಧಿ ನಿಗಮದ ವತಿಯಿಂದ 2019-20ನೇ ಸಾಲಿನಲ್ಲಿ ಸಫಾಯಿ ಕರ್ಮಚಾರಿ ಕುಟುಂಬದ ಸದಸ್ಯರಿಗೆ ಸ್ವಚ್ಛತಾ ಸಂಬಂಧಿ ತರಬೇತಿ ಕೋರ್ಸ್‌ಗಳಿಗೆ ಅರ್ಜಿ ಆಹ್ವಾನಿಸಲಾಗಿದೆ. 18ರಿಂದ 40 ವರ್ಷದೊಳಗಿನ ಪರಿಶಿಷ್ಟ ಜಾತಿಯ ಅಭ್ಯರ್ಥಿಗಳು ಅರ್ಜಿ ಸಲ್ಲಿಸಬಹುದು. ತರಬೇತಿ ಅವಧಿಯಲ್ಲಿ ಮಾಸಿಕ ರೂ.7,500/- ಶಿಷ್ಯವೇತನ ನೀಡಲಾಗುವುದು. ಆಸಕ್ತರು ಅಗತ್ಯ ದಾಖಲೆಗಳೊಂದಿಗೆ ನಿಗಮದ ಜಿಲ್ಲಾ ಕಚೇರಿಯಲ್ಲಿ ಅರ್ಜಿ ಸಲ್ಲಿಸಬಹುದು. ಹೆಚ್ಚಿನ ಮಾಹಿತಿಗೆ ದೂ.ಸಂ. 0821-2442205, 9845112305 ಸಂಪರ್ಕಿಸಬಹುದು ಎಂದು ಪ್ರಕಟಣೆ ತಿಳಿಸಿದೆ.
ಪುಸ್ತಕ ಪ್ರಾಧಿಕಾರದ ಪ್ರಕಟಣೆಗಳಿಗೆ ಶೇ.50 ರಿಯಾಯಿತಿ
ಮೈಸೂರು,ನ.3-ಕನ್ನಡ ರಾಜ್ಯೋತ್ಸವದ ಅಂಗವಾಗಿ 2019ರ ನವೆಂಬರ್ ತಿಂಗಳ ಅಂತ್ಯದವರೆಗೆ ಕನ್ನಡ ಪುಸ್ತಕ ಪ್ರಾಧಿಕಾರದ ಎಲ್ಲಾ ಪುಸ್ತಕಗಳನ್ನು ಶೇ.50 ರಿಯಾಯಿತಿ ದರದಲ್ಲಿ ಮಾರಾಟ ಮಾಡಲಾಗುತ್ತಿದೆ. ಬೆಂಗಳೂರಿನ ಕನ್ನಡ ಭವನ ಹಾಗೂ ಮೈಸೂರಿನ ಕನ್ನಡ ಪುಸ್ತಕ ಪ್ರಾಧಿಕಾರದ ಮಳಿಗೆಯಲ್ಲಿ ಪುಸ್ತಕ ಖರೀದಿಸಬಹುದು. ಆನ್‌ಲೈನ್ ಮೂಲಕ www.kannadapustakapradhikara.com ನಲ್ಲಿ ನಮ್ಮ ಪುಸ್ತಕಗಳನ್ನು ಖರೀದಿಸಬಹುದು ಎಂದು ಪ್ರಾಧಿಕಾರದ ಆಡಳಿತಾಧಿಕಾರಿ ಪ್ರಕಟಣೆಯಲ್ಲಿ ತಿಳಿಸಿದ್ದಾರೆ.
ಲೈಂಗಿಕ ಶಿಕ್ಷಣದ ಕೊರತೆಯೇ ಅತ್ಯಾಚಾರ ಹೆಚ್ಚಲು ಕಾರಣ
ಯುವಜನರಿಗಾಗಿ ಲೈಂಗಿಕತೆ ಮತ್ತು ಸಂತಾನೋತ್ಪತ್ತಿ, ಆರೋಗ್ಯ ರಕ್ಷಣೆ ವಿಚಾರ ಸಂಕಿರಣದಲ್ಲಿ ಪ್ರೊ.ಸಿ.ಜಿ.ವೆಂಕಟರಮಣ ಶೆಟ್ಟಿ
ಮೈಸೂರು,ನ.3(ಎಂಟಿವೈ)- ಮಕ್ಕಳಿಗೆ ಹೊಣೆಯುತ ಲೈಂಗಿಕ ಶಿಕ್ಷಣ ನೀಡದೇ ಇರುವುದರಿಂದ ಸಮಾಜದಲ್ಲಿ ಅತ್ಯಾಚಾರ ಪ್ರಕರಣಗಳು ಹೆಚ್ಚುತ್ತಿವೆ. ಈ ಬಗ್ಗೆ ಪೋಷಕರು, ಶಿಕ್ಷಕರು ಜಾಗೃತರಾಗಬೇಕು ಎಂದು ಕರ್ನಾಟಕ ಮುಕ್ತ ವಿಶ್ವವಿದ್ಯಾನಿಲಯದ ನಿವೃತ್ತ ಪ್ರಾಧ್ಯಾಪಕ ಪ್ರೊ.ಸಿ.ಜಿ.ವೆಂಕಟರಮಣ ಶೆಟ್ಟಿ ಅಭಿಪ್ರಾಯಪಟ್ಟರು. ಮೈಸೂರಿನ ಫ್ಯಾಮಿಲಿ ಪ್ಲಾನಿಂಗ್ ಅಸೋಸಿಯೇಷನ್ ಆಫ್ ಇಂಡಿಯಾ ಮೈಸೂರು ಶಾಖೆಯ ಸಭಾಂಗಣದಲ್ಲಿ ಭಾನುವಾರ ಆಯೋಜಿಸಿದ್ದ ‘ಯುವಜನರಿಗಾಗಿ ಲೈಂಗಿಕತೆ ಮತ್ತು ಸಂತಾನೋತ್ಪತ್ತಿ ಆರೋಗ್ಯ ರಕ್ಷಣೆ’ ಕುರಿತ ವಿಚಾರ ಸಂಕಿರಣವನ್ನು ಉದ್ಘಾಟಿಸಿ ಮಾತನಾಡಿದರು. ಪ್ರಸ್ತುತ ಸಂದರ್ಭದಲ್ಲಿ ಮಕ್ಕಳಿಗೆ ಲೈಂಗಿಕ ಶಿಕ್ಷಣ ನೀಡುವುದು ಅತ್ಯಗತ್ಯವಾಗಿದೆ ಎಂದರು.
ಫ್ಯಾಮಿಲಿ ಪ್ಲಾನಿಂಗ್ ಅಸೋಸಿಯೇಷನ್ ಆಫ್ ಇಂಡಿಯಾ ಮೈಸೂರು ಶಾಖೆಯ ಸಭಾಂಗಣದಲ್ಲಿ ಆಯೋಜಿಸಿದ್ದ ‘ಲೈಂಗಿಕತೆ ಮತ್ತು ಸಂತಾನೋತ್ಪತ್ತಿ ಆರೋಗ್ಯ ರಕ್ಷಣೆ’ ಕುರಿತ ವಿಚಾರ ಸಂಕಿರಣವನ್ನು ಪ್ರೊ.ಸಿ.ಜಿ.ವೆಂಕಟರಮಣ ಶೆಟ್ಟಿ ಉದ್ಘಾಟಿಸಿದರು.
ಅತ್ಯಾಚಾರದಂತಹ ಪ್ರಕರಣಗಳಲ್ಲಿ ವಿದ್ಯಾವಂತರು ಭಾಗಿಯಾಗುತ್ತಿರುವುದು ಆತಂಕಕಾರಿ. ಲೈಂಗಿಕ ಶಿಕ್ಷಣದ ಕೊರತೆ, ಮಹಿಳೆಯರನ್ನು ಕೀಳಾಗಿ ಕಾಣುವ ಮನೋಭಾವ ಇದಕ್ಕೆ ಕಾರಣ. ಈ ಬಗ್ಗೆ ಸಮಾಜ ಎಚ್ಚೆತ್ತುಕೊಳ್ಳಬೇಕಿದೆ. ಮಕ್ಕಳಿಗೆ ಒಳ್ಳೆಯ ಸ್ಪರ್ಶ, ಕೆಟ್ಟ ಸ್ಪರ್ಶದ ಬಗ್ಗೆ ತಿಳಿಸಿಕೊಡಬೇಕು ಎಂದು ಆತಂಕ ವ್ಯಕ್ತಪಡಿಸಿದರು.
ಲೈಂಗಿಕ ಶಿಕ್ಷಣದ ಕುರಿತು ಸರಿಯಾದ ಮಾಹಿತಿ ದೊರೆಯದೆ ಇರುವುದರಿಂದ ಯುವಜನರು ದಾರಿ ತಪ್ಪುತ್ತಿದ್ದಾರೆ. ಮೊಬೈಲ್, ಇಂಟರ್‌ನೆಟ್‌ಗಳಲ್ಲಿ ದೊರೆಯುವ ತಪ್ಪು ಮಾಹಿತಿಯಿಂದ ಅಪರಾಧ ಕೃತ್ಯಗಳು ಹೆಚ್ಚುತ್ತಿವೆ. ಶಾಲಾ ಹಂತದಲ್ಲೇ ವೈಜ್ಞಾನಿಕವಾಗಿ ಲೈಂಗಿಕ ಶಿಕ್ಷಣ ನೀಡಬೇಕು ಎಂದು ಸಲಹೆ ನೀಡಿದರು. ಕಾರ್ಯಕ್ರಮದಲ್ಲಿ ಸಂಸ್ಥೆಯ ಪದಾಧಿಕಾರಿಗಳು, ವಿದ್ಯಾರ್ಥಿಗಳು ಪಾಲ್ಗೊಂಡಿದ್ದರು.
ಕಲಿ ಮಕ್ಕಳಿಗೆ ಶಿಕ್ಷಣ ನೀಡಿ ಹೊರಗೆ ಕಳುಹಿಸುತ್ತೇವೆ. ಆದರೆ ಮೊಬೈಲ್ ಬಳಕೆಯಿಂದಾಗಿ ಮಕ್ಕಳು ದಾರಿ ತಪ್ಪುತ್ತಿದ್ದಾರೆ. ಪೋಷಕರು ಮಕ್ಕಳ ಚಟುವಟಿಕೆಗಳ ಬಗ್ಗೆ ಗಮನಹರಿಸಬೇಕು. ಇತ್ತೀಚೆಗೆ ಹೆಚ್ಚುತ್ತಿರುವ ಅತ್ಯಾಚಾರ ಪ್ರಕರಣಗಳು ಸಮಾಜದ ಆರೋಗ್ಯಕ್ಕೆ ಮಾರಕ. ಕುಟುಂಬ ಯೋಜನೆ ಕುರಿತು ಜಾಗೃತಿ ಮೂಡಿಸಲು 1950ರಲ್ಲಿ ಸಂಸ್ಥೆ ಆರಂಭವಾಯಿತು. ಇಂದು ದೇಶದ ವಿವಿಧೆಡೆ ಶಾಖೆಗಳನ್ನು ಹೊಂದಿದೆ ಎಂದರು. ಸಂಸ್ಥೆಯ ಅಧ್ಯಕ್ಷ ಡಾ.ಎಂ.ಎಸ್.ನಾಗೇಶ್ ಅಧ್ಯಕ್ಷತೆ ವಹಿಸಿದ್ದರು. ಕಾರ್ಯದರ್ಶಿ ಡಾ.ಸುಧಾ, ಸಂಯೋಜಕಿ ಪ್ರತಿಭಾ, ಪದಾಧಿಕಾರಿಗಳು ಉಪಸ್ಥಿತರಿದ್ದರು.
